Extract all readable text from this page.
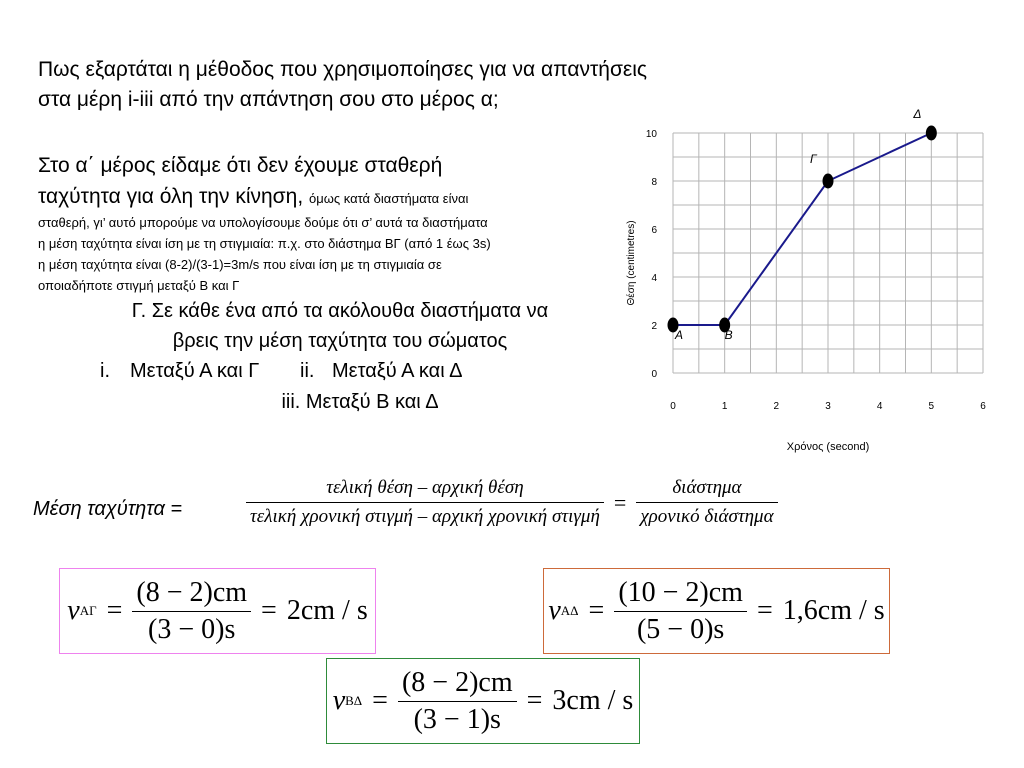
Πως εξαρτάται η μέθοδος που χρησιμοποίησες για να απαντήσεις
στα μέρη i-iii από την απάντηση σου στο μέρος α;
Στο α΄ μέρος είδαμε ότι δεν έχουμε σταθερή
ταχύτητα για όλη την κίνηση, όμως κατά διαστήματα είναι
σταθερή, γι’ αυτό μπορούμε να υπολογίσουμε δούμε ότι σ’ αυτά τα διαστήματα
η μέση ταχύτητα είναι ίση με τη στιγμιαία: π.χ. στο διάστημα ΒΓ (από 1 έως 3s)
η μέση ταχύτητα είναι (8-2)/(3-1)=3m/s που είναι ίση με τη στιγμιαία σε
οποιαδήποτε στιγμή μεταξύ Β και Γ
Γ. Σε κάθε ένα από τα ακόλουθα διαστήματα να
βρεις την μέση ταχύτητα του σώματος
i. Μεταξύ Α και Γ ii. Μεταξύ Α και Δ
iii. Μεταξύ Β και Δ
0
2
4
6
8
10
0	1	2	3	4	5	6
Χρόνος (second)
Θέση (centimetres)
Α	Β
Γ
Δ
Μέση ταχύτητα =	$\frac{\text{τελική θέση – αρχική θέση}}{\text{τελική χρονική στιγμή – αρχική χρονική στιγμή}} = \frac{\text{διάστημα}}{\text{χρονικό διάστημα}}$
v $A\Gamma = \frac{(8 - 2)cm}{(3 - 0)s} = 2cm / s$	v $A\Delta = \frac{(10 - 2)cm}{(5 - 0)s} = 1,6cm / s$
v $B\Delta = \frac{(8 - 2)cm}{(3 - 1)s} = 3cm / s$
